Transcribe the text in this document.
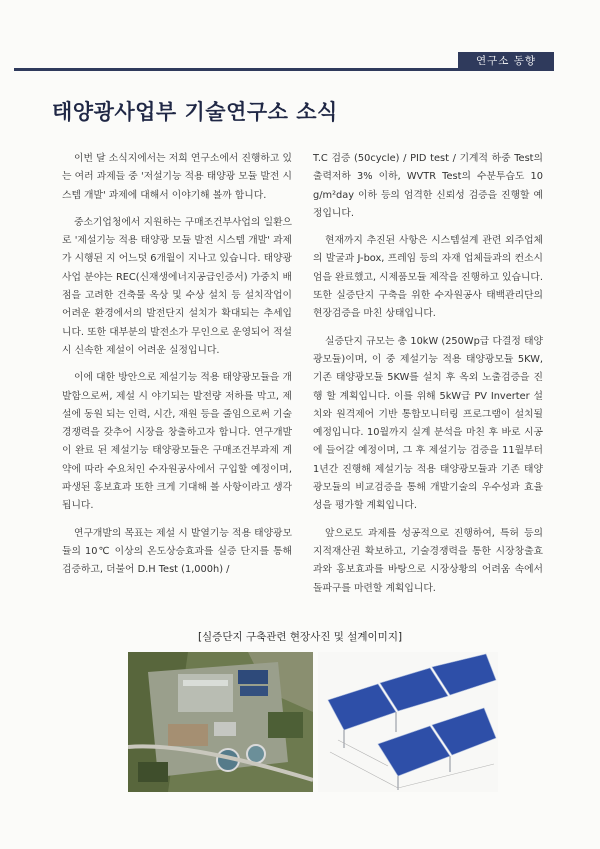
연구소 동향
태양광사업부 기술연구소 소식

이번 달 소식지에서는 저희 연구소에서 진행하고 있는 여러 과제들 중 '저설기능 적용 태양광 모듈 발전 시스템 개발' 과제에 대해서 이야기해 볼까 합니다.

중소기업청에서 지원하는 구매조건부사업의 일환으로 '제설기능 적용 태양광 모듈 발전 시스템 개발' 과제가 시행된 지 어느덧 6개월이 지나고 있습니다. 태양광사업 분야는 REC(신재생에너지공급인증서) 가중치 배점을 고려한 건축물 옥상 및 수상 설치 등 설치작업이 어려운 환경에서의 발전단지 설치가 확대되는 추세입니다. 또한 대부분의 발전소가 무인으로 운영되어 적설 시 신속한 제설이 어려운 실정입니다.

이에 대한 방안으로 제설기능 적용 태양광모듈을 개발함으로써, 제설 시 야기되는 발전량 저하를 막고, 제설에 동원 되는 인력, 시간, 재원 등을 줄임으로써 기술경쟁력을 갖추어 시장을 창출하고자 합니다. 연구개발이 완료 된 제설기능 태양광모듈은 구매조건부과제 계약에 따라 수요처인 수자원공사에서 구입할 예정이며, 파생된 홍보효과 또한 크게 기대해 볼 사항이라고 생각됩니다.

연구개발의 목표는 제설 시 발열기능 적용 태양광모듈의 10℃ 이상의 온도상승효과를 실증 단지를 통해 검증하고, 더불어 D.H Test (1,000h) /

T.C 검증 (50cycle) / PID test / 기계적 하중 Test의 출력저하 3% 이하, WVTR Test의 수분투습도 10 g/m²day 이하 등의 엄격한 신뢰성 검증을 진행할 예정입니다.

현재까지 추진된 사항은 시스템설계 관련 외주업체의 발굴과 J-box, 프레임 등의 자재 업체들과의 컨소시엄을 완료했고, 시제품모듈 제작을 진행하고 있습니다. 또한 실증단지 구축을 위한 수자원공사 태백관리단의 현장검증을 마친 상태입니다.

실증단지 규모는 총 10kW (250Wp급 다결정 태양광모듈)이며, 이 중 제설기능 적용 태양광모듈 5KW, 기존 태양광모듈 5KW를 설치 후 옥외 노출검증을 진행 할 계획입니다. 이를 위해 5kW급 PV Inverter 설치와 원격제어 기반 통합모니터링 프로그램이 설치될 예정입니다. 10월까지 실계 분석을 마친 후 바로 시공에 들어갈 예정이며, 그 후 제설기능 검증을 11월부터 1년간 진행해 제설기능 적용 태양광모듈과 기존 태양광모듈의 비교검증을 통해 개발기술의 우수성과 효율성을 평가할 계획입니다.

앞으로도 과제를 성공적으로 진행하여, 특허 등의 지적재산권 확보하고, 기술경쟁력을 통한 시장창출효과와 홍보효과를 바탕으로 시장상황의 어려움 속에서 돌파구를 마련할 계획입니다.

[실증단지 구축관련 현장사진 및 설계이미지]
